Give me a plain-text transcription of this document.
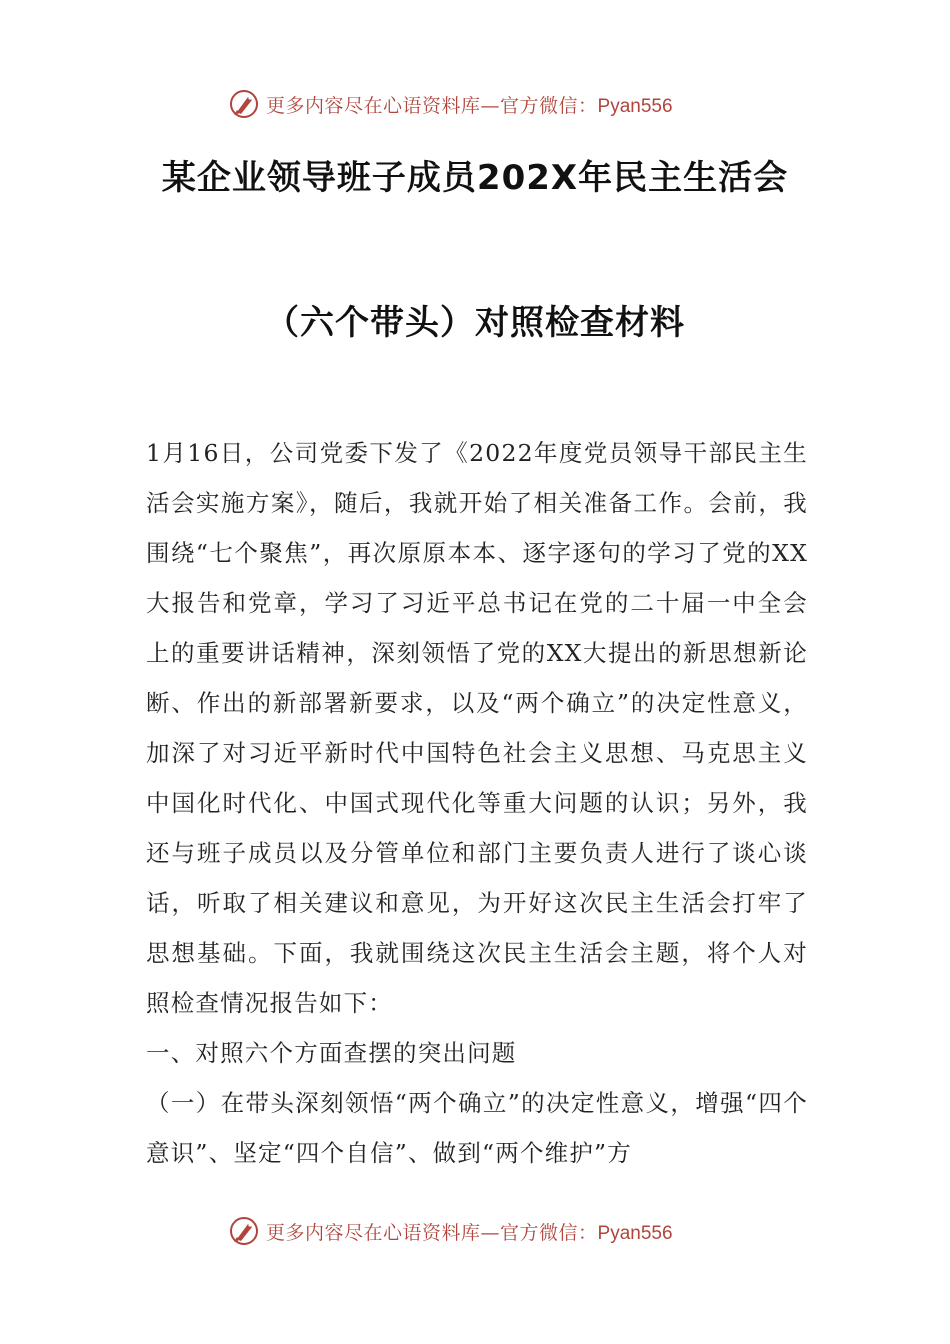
更多内容尽在心语资料库—官方微信：Pyan556
某企业领导班子成员202X年民主生活会
（六个带头）对照检查材料

1月16日，公司党委下发了《2022年度党员领导干部民主生活会实施方案》，随后，我就开始了相关准备工作。会前，我围绕“七个聚焦”，再次原原本本、逐字逐句的学习了党的XX大报告和党章，学习了习近平总书记在党的二十届一中全会上的重要讲话精神，深刻领悟了党的XX大提出的新思想新论断、作出的新部署新要求，以及“两个确立”的决定性意义，加深了对习近平新时代中国特色社会主义思想、马克思主义中国化时代化、中国式现代化等重大问题的认识；另外，我还与班子成员以及分管单位和部门主要负责人进行了谈心谈话，听取了相关建议和意见，为开好这次民主生活会打牢了思想基础。下面，我就围绕这次民主生活会主题，将个人对照检查情况报告如下：

一、对照六个方面查摆的突出问题

（一）在带头深刻领悟“两个确立”的决定性意义，增强“四个意识”、坚定“四个自信”、做到“两个维护”方

更多内容尽在心语资料库—官方微信：Pyan556
